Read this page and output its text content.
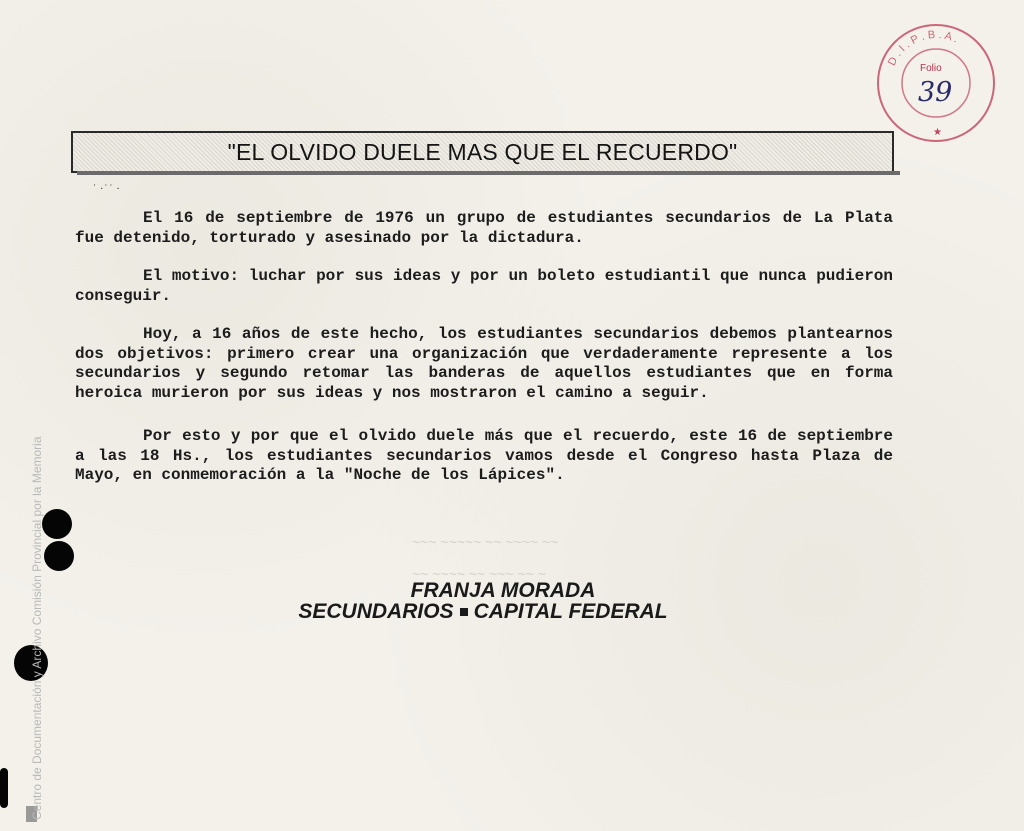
D . I . P . B . A .
★
Folio
39
"EL OLVIDO DUELE MAS QUE EL RECUERDO"
˙ ·˙˙ ·

El 16 de septiembre de 1976 un grupo de estudiantes secundarios de La Plata fue detenido, torturado y asesinado por la dictadura.

El motivo: luchar por sus ideas y por un boleto estudiantil que nunca pudieron conseguir.

Hoy, a 16 años de este hecho, los estudiantes secundarios debemos plantearnos dos objetivos: primero crear una organización que verdaderamente represente a los secundarios y segundo retomar las banderas de aquellos estudiantes que en forma heroica murieron por sus ideas y nos mostraron el camino a seguir.

Por esto y por que el olvido duele más que el recuerdo, este 16 de septiembre a las 18 Hs., los estudiantes secundarios vamos desde el Congreso hasta Plaza de Mayo, en conmemoración a la "Noche de los Lápices".

~~~ ~~~~~ ~~ ~~~~ ~~
~~ ~~~~ ~~ ~~~ ~~ ~
FRANJA MORADA
SECUNDARIOS CAPITAL FEDERAL
Centro de Documentación y Archivo Comisión Provincial por la Memoria
